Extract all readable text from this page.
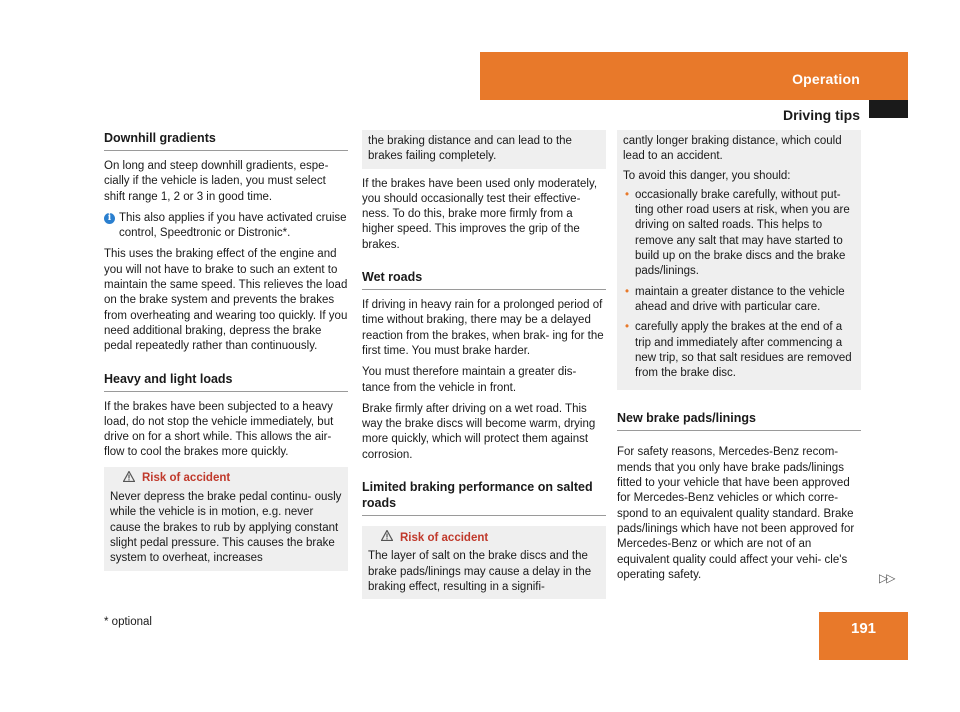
Operation
Driving tips
Downhill gradients

On long and steep downhill gradients, espe- cially if the vehicle is laden, you must select shift range 1, 2 or 3 in good time.

i This also applies if you have activated cruise control, Speedtronic or Distronic*.

This uses the braking effect of the engine and you will not have to brake to such an extent to maintain the same speed. This relieves the load on the brake system and prevents the brakes from overheating and wearing too quickly. If you need additional braking, depress the brake pedal repeatedly rather than continuously.

Heavy and light loads

If the brakes have been subjected to a heavy load, do not stop the vehicle immediately, but drive on for a short while. This allows the air- flow to cool the brakes more quickly.

Risk of accident
Never depress the brake pedal continu- ously while the vehicle is in motion, e.g. never cause the brakes to rub by applying constant slight pedal pressure. This causes the brake system to overheat, increases
the braking distance and can lead to the brakes failing completely.

If the brakes have been used only moderately, you should occasionally test their effective- ness. To do this, brake more firmly from a higher speed. This improves the grip of the brakes.

Wet roads

If driving in heavy rain for a prolonged period of time without braking, there may be a delayed reaction from the brakes, when brak- ing for the first time. You must brake harder.

You must therefore maintain a greater dis- tance from the vehicle in front.

Brake firmly after driving on a wet road. This way the brake discs will become warm, drying more quickly, which will protect them against corrosion.

Limited braking performance on salted roads
Risk of accident
The layer of salt on the brake discs and the brake pads/linings may cause a delay in the braking effect, resulting in a signifi-
cantly longer braking distance, which could lead to an accident.
To avoid this danger, you should:
• occasionally brake carefully, without put- ting other road users at risk, when you are driving on salted roads. This helps to remove any salt that may have started to build up on the brake discs and the brake pads/linings.
• maintain a greater distance to the vehicle ahead and drive with particular care.
• carefully apply the brakes at the end of a trip and immediately after commencing a new trip, so that salt residues are removed from the brake disc.
New brake pads/linings

For safety reasons, Mercedes-Benz recom- mends that you only have brake pads/linings fitted to your vehicle that have been approved for Mercedes-Benz vehicles or which corre- spond to an equivalent quality standard. Brake pads/linings which have not been approved for Mercedes-Benz or which are not of an equivalent quality could affect your vehi- cle's operating safety.	▷▷
191
* optional
